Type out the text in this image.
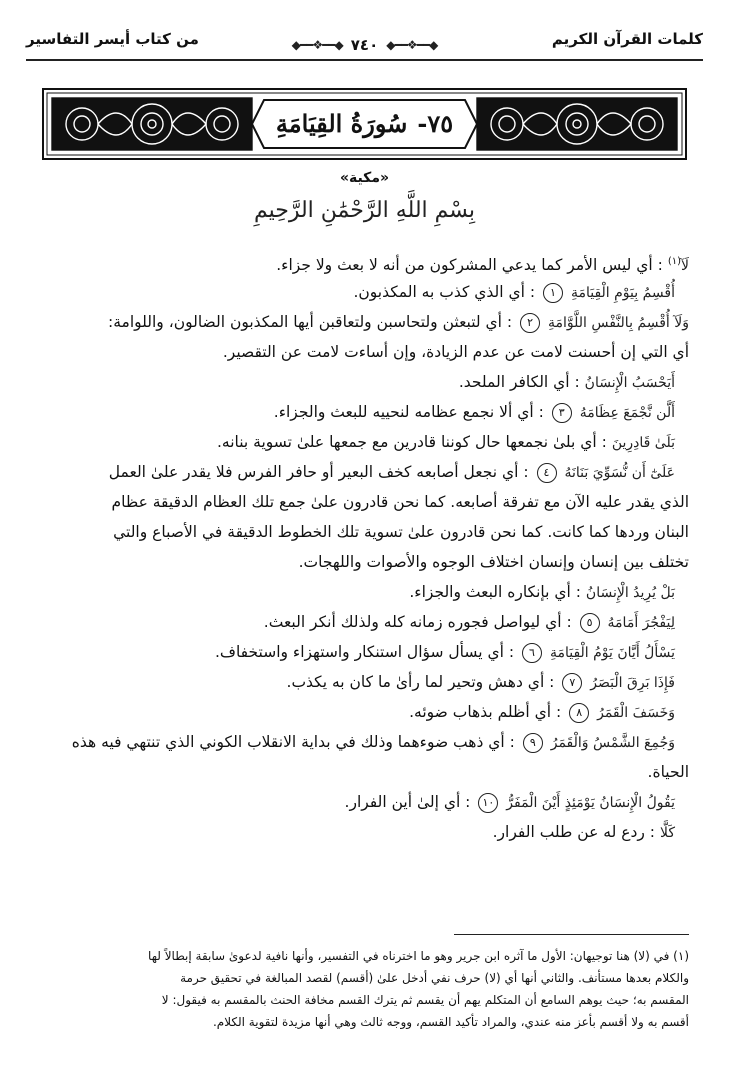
كلمات القرآن الكريم
من كتاب أيسر التفاسير	◆━━❖━━◆ ٧٤٠ ◆━━❖━━◆
٧٥-
سُورَةُ القِيَامَةِ
«مكية»
بِسْمِ اللَّهِ الرَّحْمَٰنِ الرَّحِيمِ
لَآ$^{(١)}$ : أي ليس الأمر كما يدعي المشركون من أنه لا بعث ولا جزاء.
أُقْسِمُ بِيَوْمِ الْقِيَامَةِ ١ : أي الذي كذب به المكذبون.
وَلَآ أُقْسِمُ بِالنَّفْسِ اللَّوَّامَةِ ٢ : أي لتبعثن ولتحاسبن ولتعاقبن أيها المكذبون الضالون، واللوامة:
أي التي إن أحسنت لامت عن عدم الزيادة، وإن أساءت لامت عن التقصير.
أَيَحْسَبُ الْإِنسَانُ : أي الكافر الملحد.
أَلَّن نَّجْمَعَ عِظَامَهُ ٣ : أي ألا نجمع عظامه لنحييه للبعث والجزاء.
بَلَىٰ قَادِرِينَ : أي بلىٰ نجمعها حال كوننا قادرين مع جمعها علىٰ تسوية بنانه.
عَلَىٰٓ أَن نُّسَوِّيَ بَنَانَهُ ٤ : أي نجعل أصابعه كخف البعير أو حافر الفرس فلا يقدر علىٰ العمل
الذي يقدر عليه الآن مع تفرقة أصابعه. كما نحن قادرون علىٰ جمع تلك العظام الدقيقة عظام
البنان وردها كما كانت. كما نحن قادرون علىٰ تسوية تلك الخطوط الدقيقة في الأصباع والتي
تختلف بين إنسان وإنسان اختلاف الوجوه والأصوات واللهجات.
بَلْ يُرِيدُ الْإِنسَانُ : أي بإنكاره البعث والجزاء.
لِيَفْجُرَ أَمَامَهُ ٥ : أي ليواصل فجوره زمانه كله ولذلك أنكر البعث.
يَسْأَلُ أَيَّانَ يَوْمُ الْقِيَامَةِ ٦ : أي يسأل سؤال استنكار واستهزاء واستخفاف.
فَإِذَا بَرِقَ الْبَصَرُ ٧ : أي دهش وتحير لما رأىٰ ما كان به يكذب.
وَخَسَفَ الْقَمَرُ ٨ : أي أظلم بذهاب ضوئه.
وَجُمِعَ الشَّمْسُ وَالْقَمَرُ ٩ : أي ذهب ضوءهما وذلك في بداية الانقلاب الكوني الذي تنتهي فيه هذه
الحياة.
يَقُولُ الْإِنسَانُ يَوْمَئِذٍ أَيْنَ الْمَفَرُّ ١٠ : أي إلىٰ أين الفرار.
كَلَّا : ردع له عن طلب الفرار.

(١) في (لا) هنا توجيهان: الأول ما آثره ابن جرير وهو ما اخترناه في التفسير، وأنها نافية لدعوىٰ سابقة إبطالاً لها

والكلام بعدها مستأنف. والثاني أنها أي (لا) حرف نفي أدخل علىٰ (أقسم) لقصد المبالغة في تحقيق حرمة

المقسم به؛ حيث يوهم السامع أن المتكلم يهم أن يقسم ثم يترك القسم مخافة الحنث بالمقسم به فيقول: لا

أقسم به ولا أقسم بأعز منه عندي، والمراد تأكيد القسم، ووجه ثالث وهي أنها مزيدة لتقوية الكلام.
